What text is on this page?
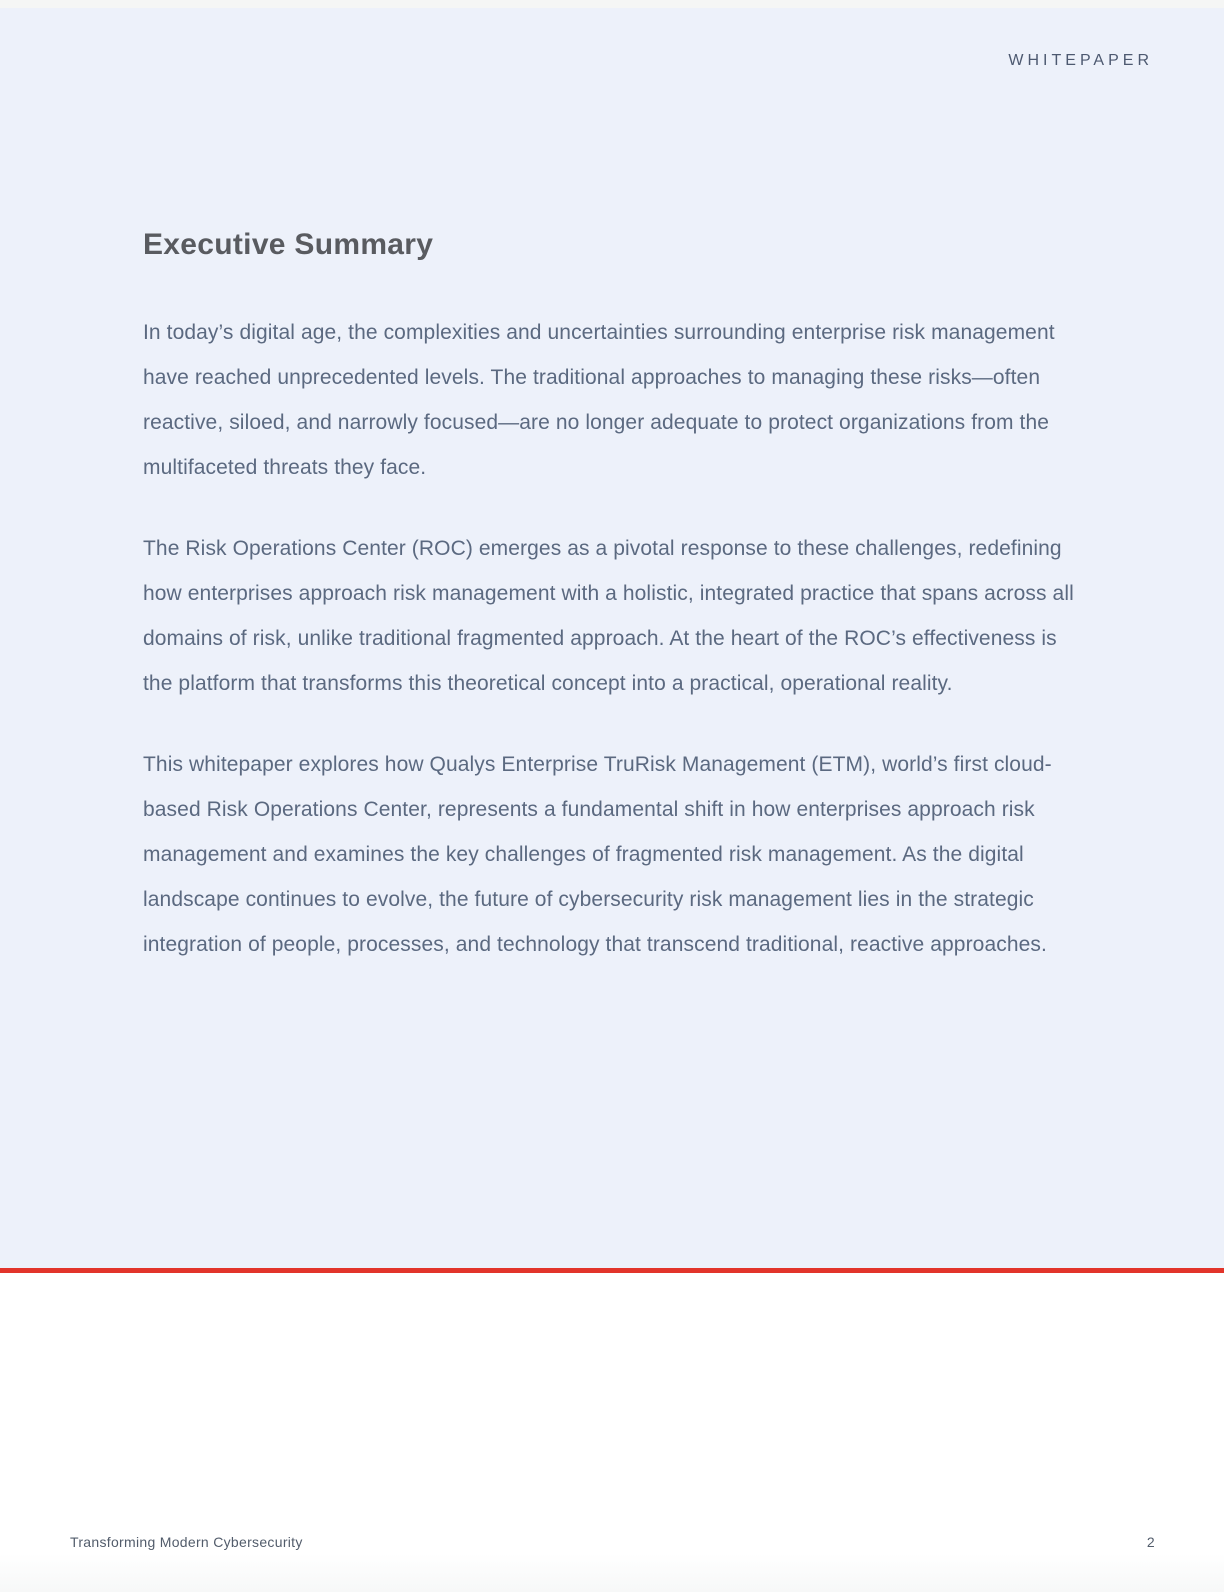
WHITEPAPER
Executive Summary

In today’s digital age, the complexities and uncertainties surrounding enterprise risk management have reached unprecedented levels. The traditional approaches to managing these risks—often reactive, siloed, and narrowly focused—are no longer adequate to protect organizations from the multifaceted threats they face.

The Risk Operations Center (ROC) emerges as a pivotal response to these challenges, redefining how enterprises approach risk management with a holistic, integrated practice that spans across all domains of risk, unlike traditional fragmented approach. At the heart of the ROC’s effectiveness is the platform that transforms this theoretical concept into a practical, operational reality.

This whitepaper explores how Qualys Enterprise TruRisk Management (ETM), world’s first cloud-based Risk Operations Center, represents a fundamental shift in how enterprises approach risk management and examines the key challenges of fragmented risk management. As the digital landscape continues to evolve, the future of cybersecurity risk management lies in the strategic integration of people, processes, and technology that transcend traditional, reactive approaches.

Transforming Modern Cybersecurity	2
